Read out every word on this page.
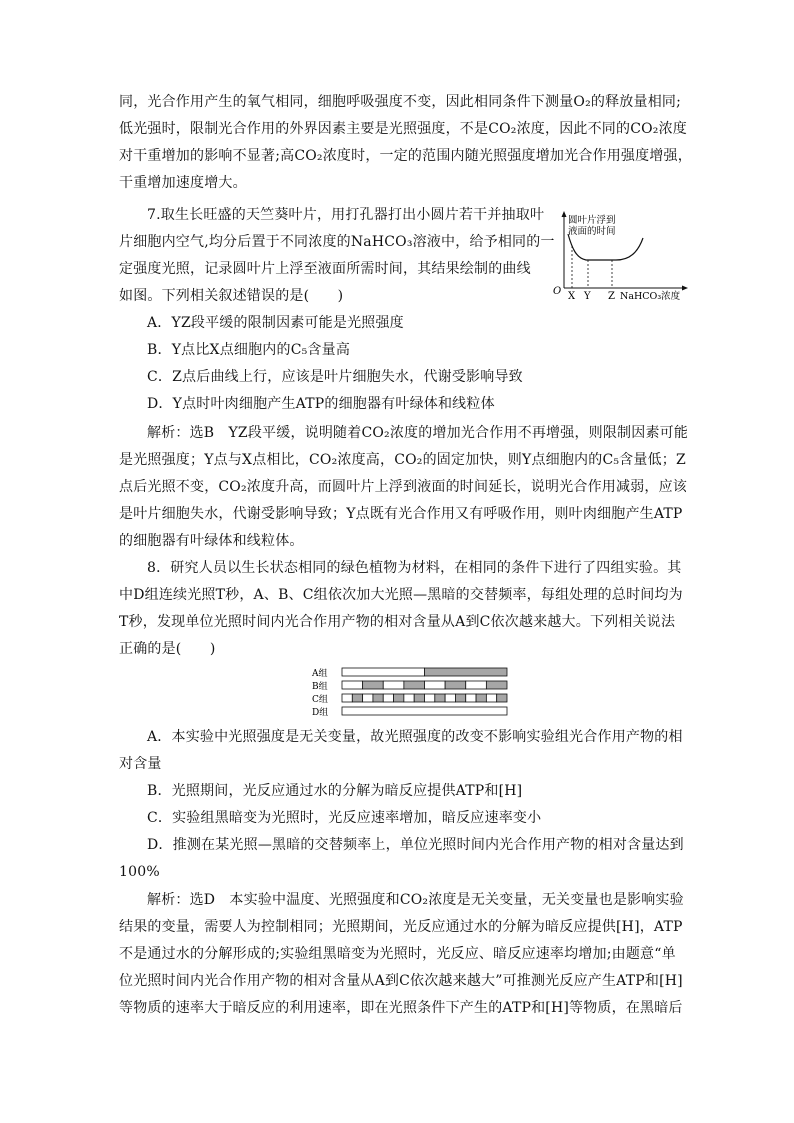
同，光合作用产生的氧气相同，细胞呼吸强度不变，因此相同条件下测量O₂的释放量相同;
低光强时，限制光合作用的外界因素主要是光照强度，不是CO₂浓度，因此不同的CO₂浓度
对干重增加的影响不显著;高CO₂浓度时，一定的范围内随光照强度增加光合作用强度增强，
干重增加速度增大。
7.取生长旺盛的天竺葵叶片，用打孔器打出小圆片若干并抽取叶
片细胞内空气,均分后置于不同浓度的NaHCO₃溶液中，给予相同的一
定强度光照，记录圆叶片上浮至液面所需时间，其结果绘制的曲线
如图。下列相关叙述错误的是(　　)
圆叶片浮到
液面的时间
O X Y Z NaHCO₃浓度
A．YZ段平缓的限制因素可能是光照强度
B．Y点比X点细胞内的C₅含量高
C．Z点后曲线上行，应该是叶片细胞失水，代谢受影响导致
D．Y点时叶肉细胞产生ATP的细胞器有叶绿体和线粒体
解析：选B　YZ段平缓，说明随着CO₂浓度的增加光合作用不再增强，则限制因素可能
是光照强度；Y点与X点相比，CO₂浓度高，CO₂的固定加快，则Y点细胞内的C₅含量低；Z
点后光照不变，CO₂浓度升高，而圆叶片上浮到液面的时间延长，说明光合作用减弱，应该
是叶片细胞失水，代谢受影响导致；Y点既有光合作用又有呼吸作用，则叶肉细胞产生ATP
的细胞器有叶绿体和线粒体。
8．研究人员以生长状态相同的绿色植物为材料，在相同的条件下进行了四组实验。其
中D组连续光照T秒，A、B、C组依次加大光照—黑暗的交替频率，每组处理的总时间均为
T秒，发现单位光照时间内光合作用产物的相对含量从A到C依次越来越大。下列相关说法
正确的是(　　)
A组
B组
C组
D组
A．本实验中光照强度是无关变量，故光照强度的改变不影响实验组光合作用产物的相
对含量
B．光照期间，光反应通过水的分解为暗反应提供ATP和[H]
C．实验组黑暗变为光照时，光反应速率增加，暗反应速率变小
D．推测在某光照—黑暗的交替频率上，单位光照时间内光合作用产物的相对含量达到
100%
解析：选D　本实验中温度、光照强度和CO₂浓度是无关变量，无关变量也是影响实验
结果的变量，需要人为控制相同；光照期间，光反应通过水的分解为暗反应提供[H]，ATP
不是通过水的分解形成的;实验组黑暗变为光照时，光反应、暗反应速率均增加;由题意“单
位光照时间内光合作用产物的相对含量从A到C依次越来越大”可推测光反应产生ATP和[H]
等物质的速率大于暗反应的利用速率，即在光照条件下产生的ATP和[H]等物质，在黑暗后
